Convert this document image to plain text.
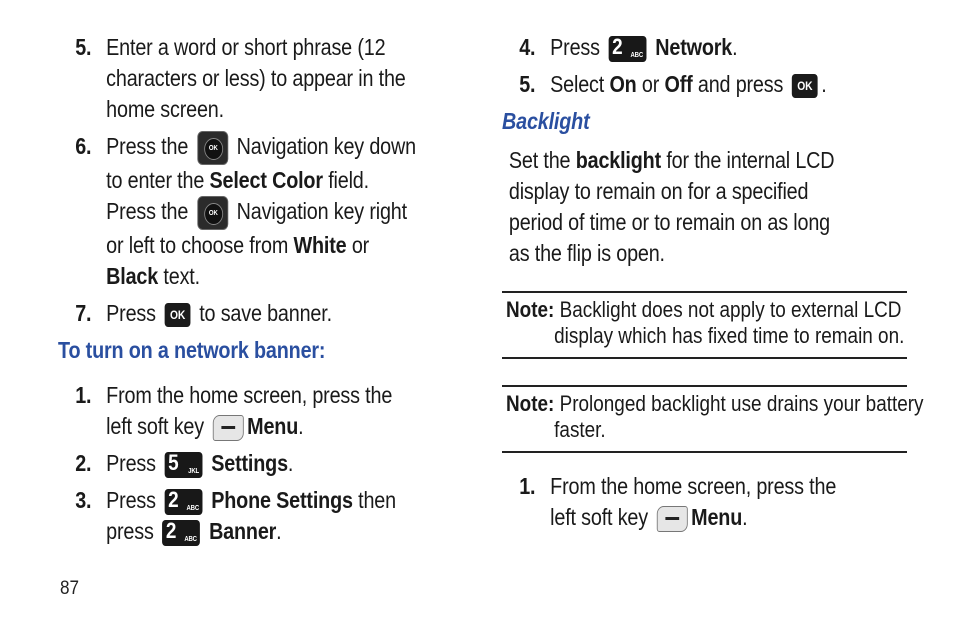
5. Enter a word or short phrase (12 characters or less) to appear in the home screen.
6. Press the	OK Navigation key down to enter the Select Color field. Press the	OK Navigation key right or left to choose from White or Black text.
7. Press OK to save banner.
To turn on a network banner:
1. From the home screen, press the left soft key Menu.
2. Press 5 JKL Settings.
3. Press 2 ABC Phone Settings then press 2 ABC Banner.
4. Press 2 ABC Network.
5. Select On or Off and press OK .
Backlight
Set the backlight for the internal LCD display to remain on for a specified period of time or to remain on as long as the flip is open.
Note: Backlight does not apply to external LCD display which has fixed time to remain on.
Note: Prolonged backlight use drains your battery faster.
1. From the home screen, press the left soft key Menu.
87
